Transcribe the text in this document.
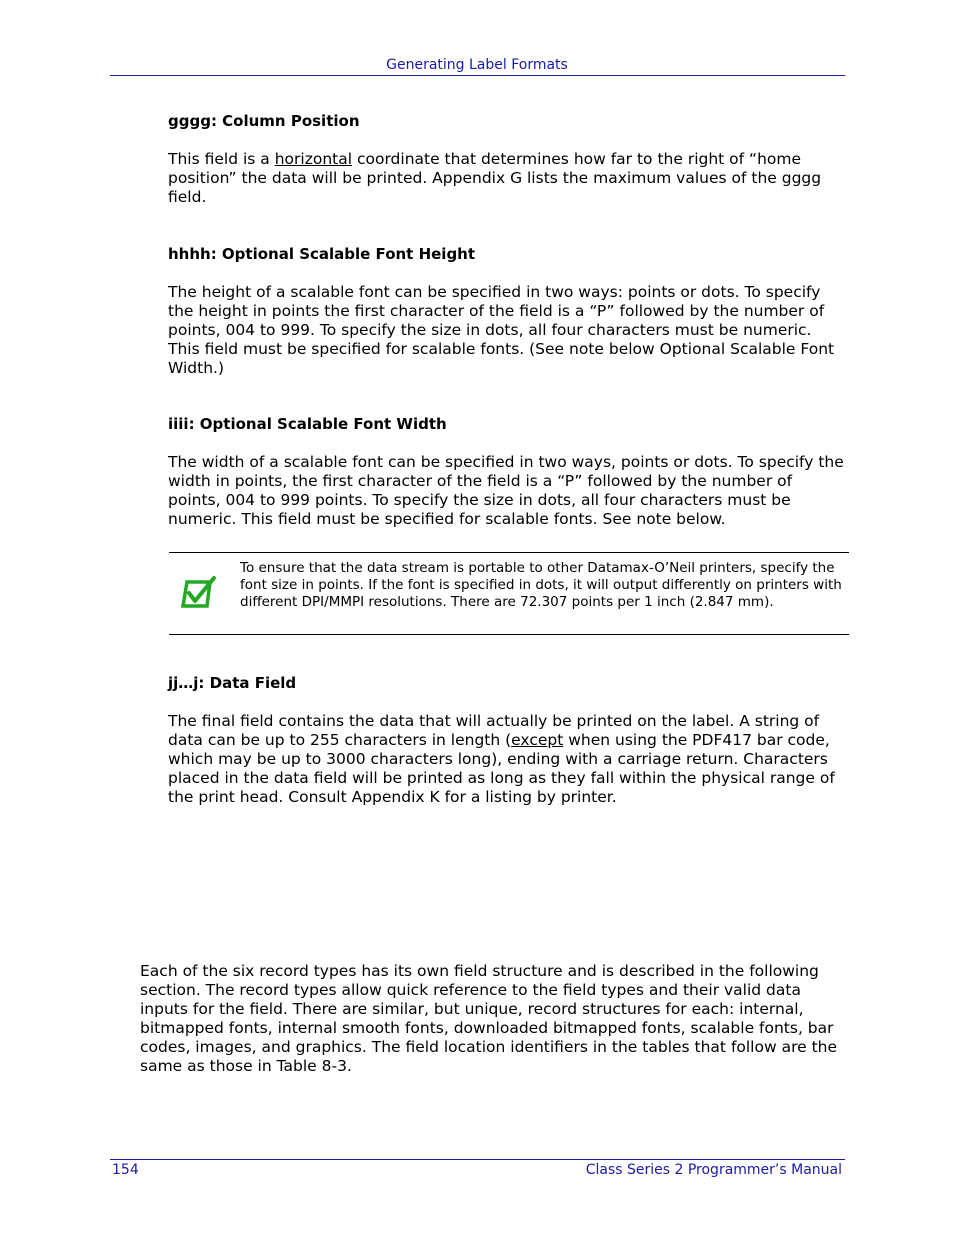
Generating Label Formats
gggg: Column Position
This field is a horizontal coordinate that determines how far to the right of “home position” the data will be printed. Appendix G lists the maximum values of the gggg field.
hhhh: Optional Scalable Font Height
The height of a scalable font can be specified in two ways: points or dots. To specify the height in points the first character of the field is a “P” followed by the number of points, 004 to 999. To specify the size in dots, all four characters must be numeric. This field must be specified for scalable fonts. (See note below Optional Scalable Font Width.)
iiii: Optional Scalable Font Width
The width of a scalable font can be specified in two ways, points or dots. To specify the width in points, the first character of the field is a “P” followed by the number of points, 004 to 999 points. To specify the size in dots, all four characters must be numeric. This field must be specified for scalable fonts. See note below.
To ensure that the data stream is portable to other Datamax-O’Neil printers, specify the font size in points. If the font is specified in dots, it will output differently on printers with different DPI/MMPI resolutions. There are 72.307 points per 1 inch (2.847 mm).
jj…j: Data Field
The final field contains the data that will actually be printed on the label. A string of data can be up to 255 characters in length (except when using the PDF417 bar code, which may be up to 3000 characters long), ending with a carriage return. Characters placed in the data field will be printed as long as they fall within the physical range of the print head. Consult Appendix K for a listing by printer.
Each of the six record types has its own field structure and is described in the following section. The record types allow quick reference to the field types and their valid data inputs for the field. There are similar, but unique, record structures for each: internal, bitmapped fonts, internal smooth fonts, downloaded bitmapped fonts, scalable fonts, bar codes, images, and graphics. The field location identifiers in the tables that follow are the same as those in Table 8-3.
154	Class Series 2 Programmer’s Manual
